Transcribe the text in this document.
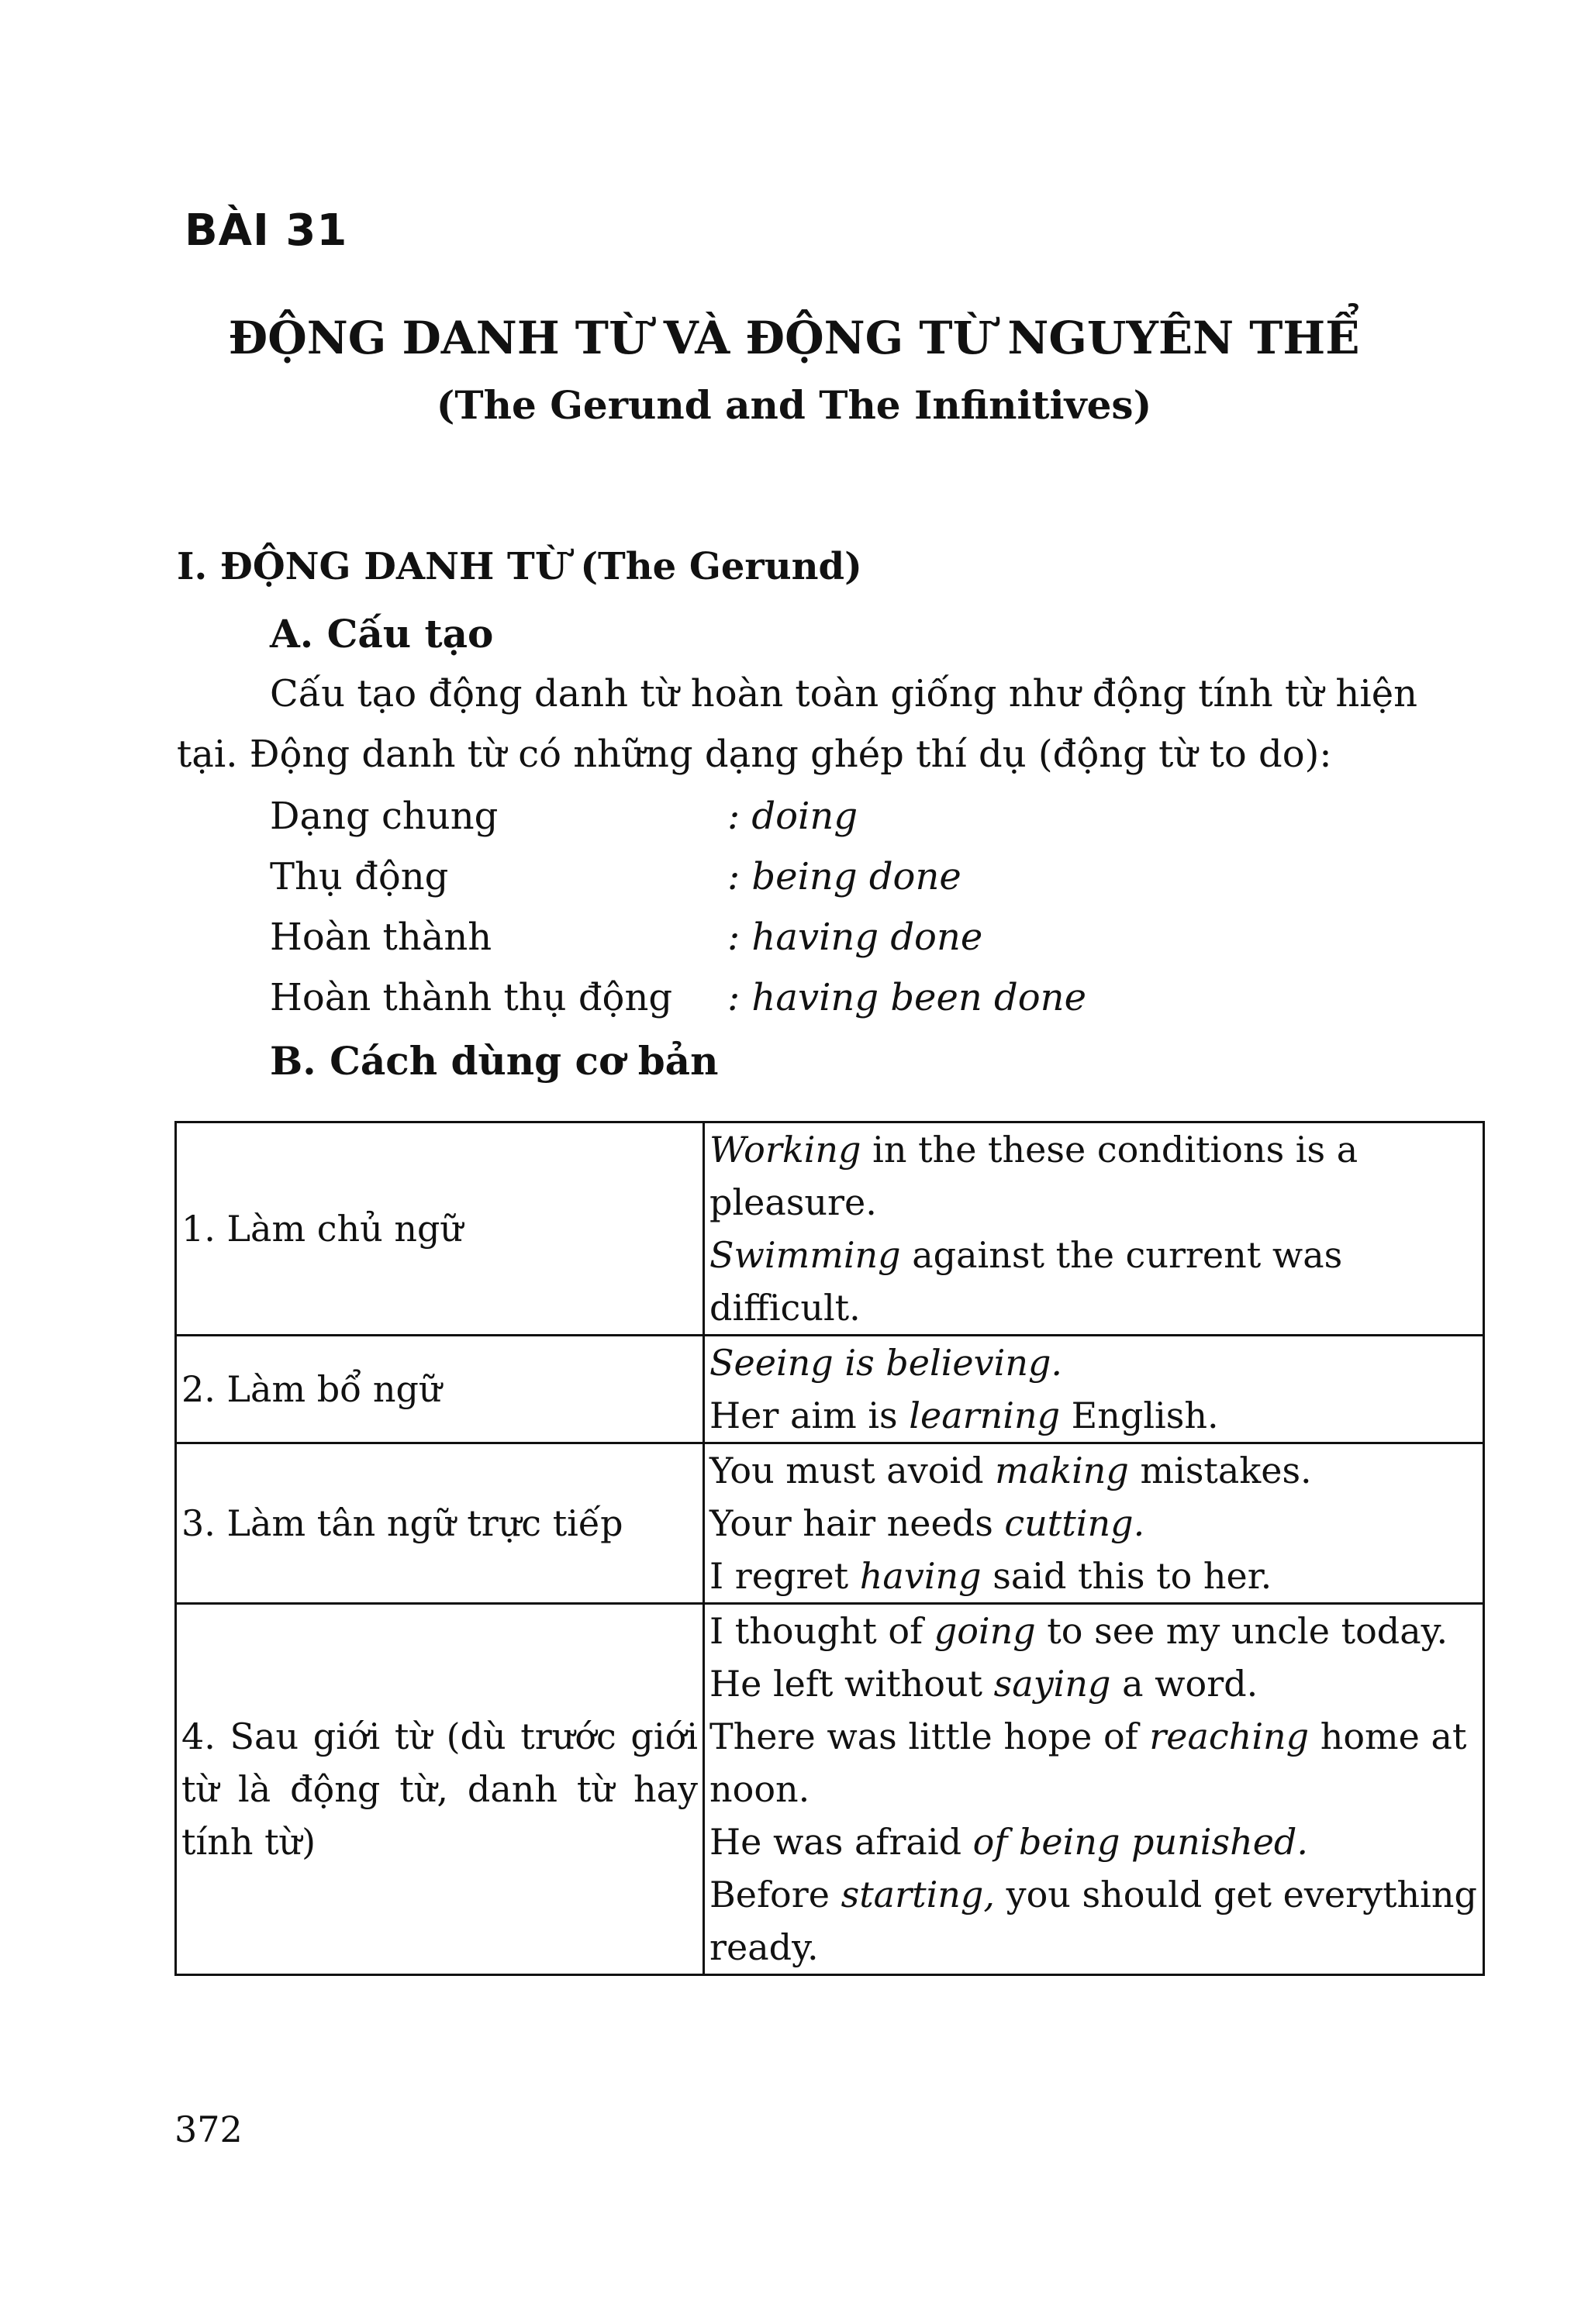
BÀI 31
ĐỘNG DANH TỪ VÀ ĐỘNG TỪ NGUYÊN THỂ
(The Gerund and The Infinitives)
I. ĐỘNG DANH TỪ (The Gerund)
A. Cấu tạo
Cấu tạo động danh từ hoàn toàn giống như động tính từ hiện
tại. Động danh từ có những dạng ghép thí dụ (động từ to do):
Dạng chung	: doing
Thụ động	: being done
Hoàn thành	: having done
Hoàn thành thụ động : having been done
B. Cách dùng cơ bản
1. Làm chủ ngữ	Working in the these conditions is a pleasure.
Swimming against the current was difficult.

2. Làm bổ ngữ	Seeing is believing.
Her aim is learning English.

3. Làm tân ngữ trực tiếp	You must avoid making mistakes.
Your hair needs cutting.
I regret having said this to her.

4. Sau giới từ (dù trước giới từ là động từ, danh từ hay tính từ)	I thought of going to see my uncle today.
He left without saying a word.
There was little hope of reaching home at noon.
He was afraid of being punished.
Before starting, you should get everything ready.
372
